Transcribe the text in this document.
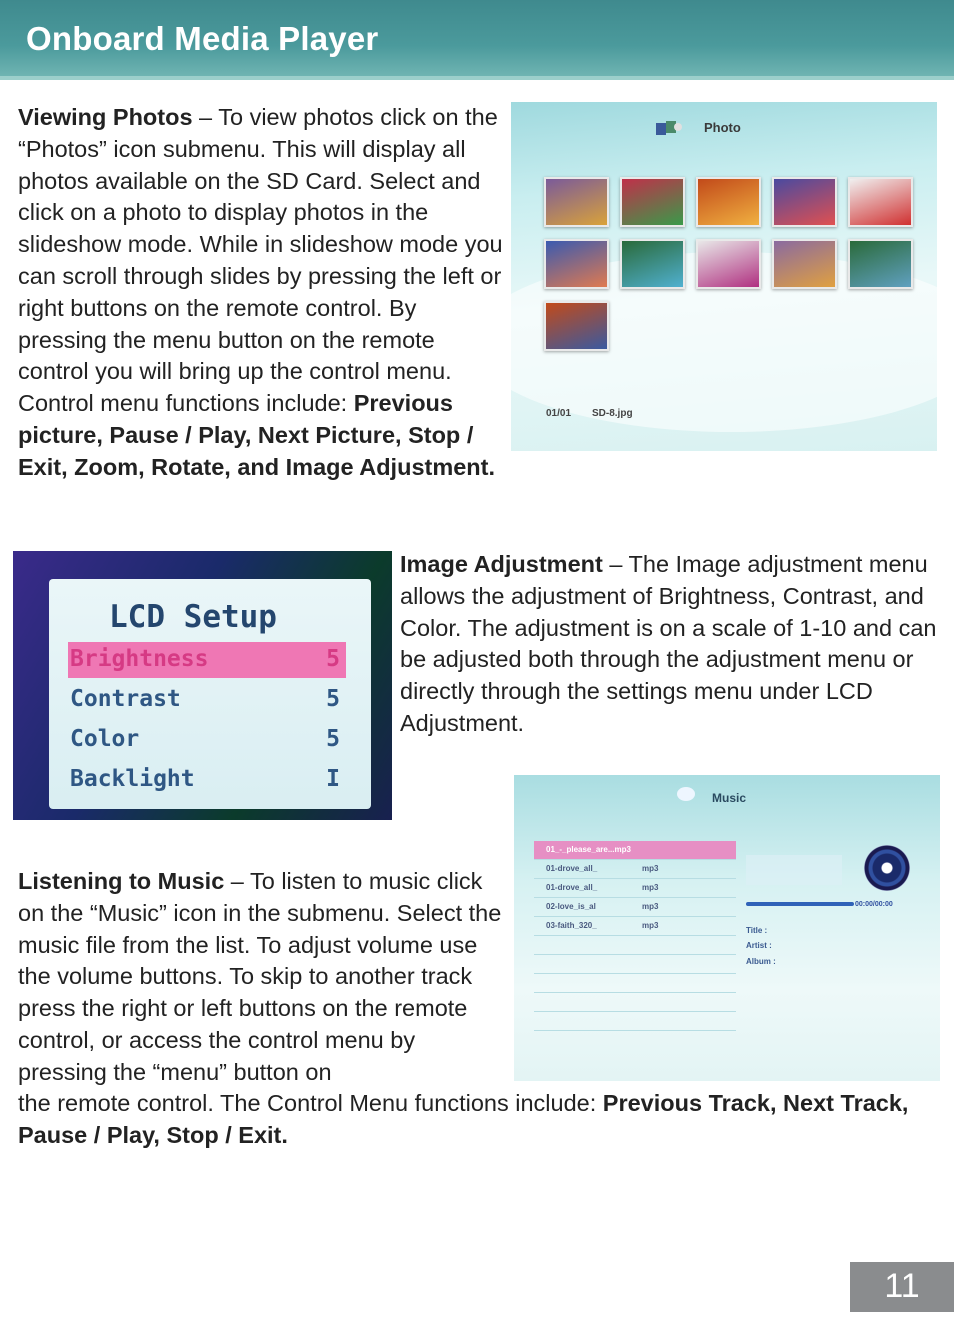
Onboard Media Player
Viewing Photos – To view photos click on the “Photos” icon submenu. This will display all photos available on the SD Card. Select and click on a photo to display photos in the slideshow mode. While in slideshow mode you can scroll through slides by pressing the left or right buttons on the remote control. By pressing the menu button on the remote control you will bring up the control menu. Control menu functions include: Previous picture, Pause / Play, Next Picture, Stop / Exit, Zoom, Rotate, and Image Adjustment.
Photo
01/01 SD-8.jpg
LCD Setup
Brightness	5
Contrast	5
Color	5
Backlight	I
Image Adjustment – The Image adjustment menu allows the adjustment of Brightness, Contrast, and Color. The adjustment is on a scale of 1-10 and can be adjusted both through the adjustment menu or directly through the settings menu under LCD Adjustment.
Music
01_-_please_are...mp3
01-drove_all_	mp3
01-drove_all_	mp3
02-love_is_al	mp3
03-faith_320_	mp3
00:00/00:00
Title :
Artist :
Album :
Listening to Music – To listen to music click on the “Music” icon in the submenu. Select the music file from the list. To adjust volume use the volume buttons. To skip to another track press the right or left buttons on the remote control, or access the control menu by pressing the “menu” button on
the remote control. The Control Menu functions include: Previous Track, Next Track, Pause / Play, Stop / Exit.
11
